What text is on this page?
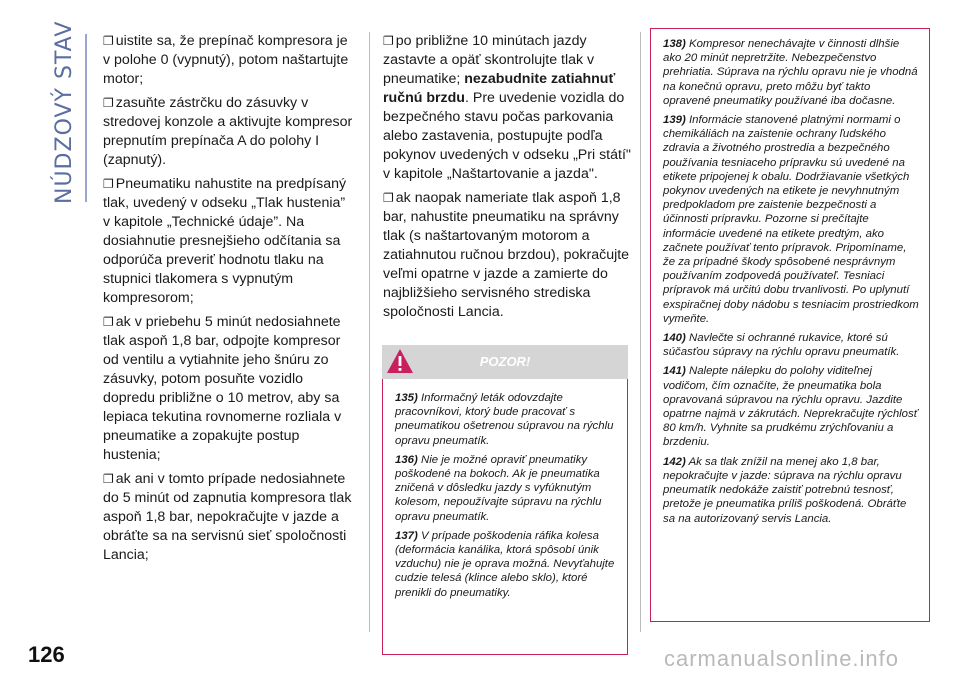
NÚDZOVÝ STAV ❐ uistite sa, že prepínač kompresora je v polohe 0 (vypnutý), potom naštartujte motor;

❐ zasuňte zástrčku do zásuvky v stredovej konzole a aktivujte kompresor prepnutím prepínača A do polohy I (zapnutý).

❐ Pneumatiku nahustite na predpísaný tlak, uvedený v odseku „Tlak hustenia” v kapitole „Technické údaje”. Na dosiahnutie presnejšieho odčítania sa odporúča preveriť hodnotu tlaku na stupnici tlakomera s vypnutým kompresorom;

❐ ak v priebehu 5 minút nedosiahnete tlak aspoň 1,8 bar, odpojte kompresor od ventilu a vytiahnite jeho šnúru zo zásuvky, potom posuňte vozidlo dopredu približne o 10 metrov, aby sa lepiaca tekutina rovnomerne rozliala v pneumatike a zopakujte postup hustenia;

❐ ak ani v tomto prípade nedosiahnete do 5 minút od zapnutia kompresora tlak aspoň 1,8 bar, nepokračujte v jazde a obráťte sa na servisnú sieť spoločnosti Lancia;

❐ po približne 10 minútach jazdy zastavte a opäť skontrolujte tlak v pneumatike; nezabudnite zatiahnuť ručnú brzdu. Pre uvedenie vozidla do bezpečného stavu počas parkovania alebo zastavenia, postupujte podľa pokynov uvedených v odseku „Pri státí" v kapitole „Naštartovanie a jazda".

❐ ak naopak nameriate tlak aspoň 1,8 bar, nahustite pneumatiku na správny tlak (s naštartovaným motorom a zatiahnutou ručnou brzdou), pokračujte veľmi opatrne v jazde a zamierte do najbližšieho servisného strediska spoločnosti Lancia.

POZOR!

135) Informačný leták odovzdajte pracovníkovi, ktorý bude pracovať s pneumatikou ošetrenou súpravou na rýchlu opravu pneumatík.

136) Nie je možné opraviť pneumatiky poškodené na bokoch. Ak je pneumatika zničená v dôsledku jazdy s vyfúknutým kolesom, nepoužívajte súpravu na rýchlu opravu pneumatík.

137) V prípade poškodenia ráfika kolesa (deformácia kanálika, ktorá spôsobí únik vzduchu) nie je oprava možná. Nevyťahujte cudzie telesá (klince alebo sklo), ktoré prenikli do pneumatiky.

138) Kompresor nenechávajte v činnosti dlhšie ako 20 minút nepretržite. Nebezpečenstvo prehriatia. Súprava na rýchlu opravu nie je vhodná na konečnú opravu, preto môžu byť takto opravené pneumatiky používané iba dočasne.

139) Informácie stanovené platnými normami o chemikáliách na zaistenie ochrany ľudského zdravia a životného prostredia a bezpečného používania tesniaceho prípravku sú uvedené na etikete pripojenej k obalu. Dodržiavanie všetkých pokynov uvedených na etikete je nevyhnutným predpokladom pre zaistenie bezpečnosti a účinnosti prípravku. Pozorne si prečítajte informácie uvedené na etikete predtým, ako začnete používať tento prípravok. Pripomíname, že za prípadné škody spôsobené nesprávnym používaním zodpovedá používateľ. Tesniaci prípravok má určitú dobu trvanlivosti. Po uplynutí exspiračnej doby nádobu s tesniacim prostriedkom vymeňte.

140) Navlečte si ochranné rukavice, ktoré sú súčasťou súpravy na rýchlu opravu pneumatík.

141) Nalepte nálepku do polohy viditeľnej vodičom, čím označíte, že pneumatika bola opravovaná súpravou na rýchlu opravu. Jazdite opatrne najmä v zákrutách. Neprekračujte rýchlosť 80 km/h. Vyhnite sa prudkému zrýchľovaniu a brzdeniu.

142) Ak sa tlak znížil na menej ako 1,8 bar, nepokračujte v jazde: súprava na rýchlu opravu pneumatík nedokáže zaistiť potrebnú tesnosť, pretože je pneumatika príliš poškodená. Obráťte sa na autorizovaný servis Lancia.

126	carmanualsonline.info
